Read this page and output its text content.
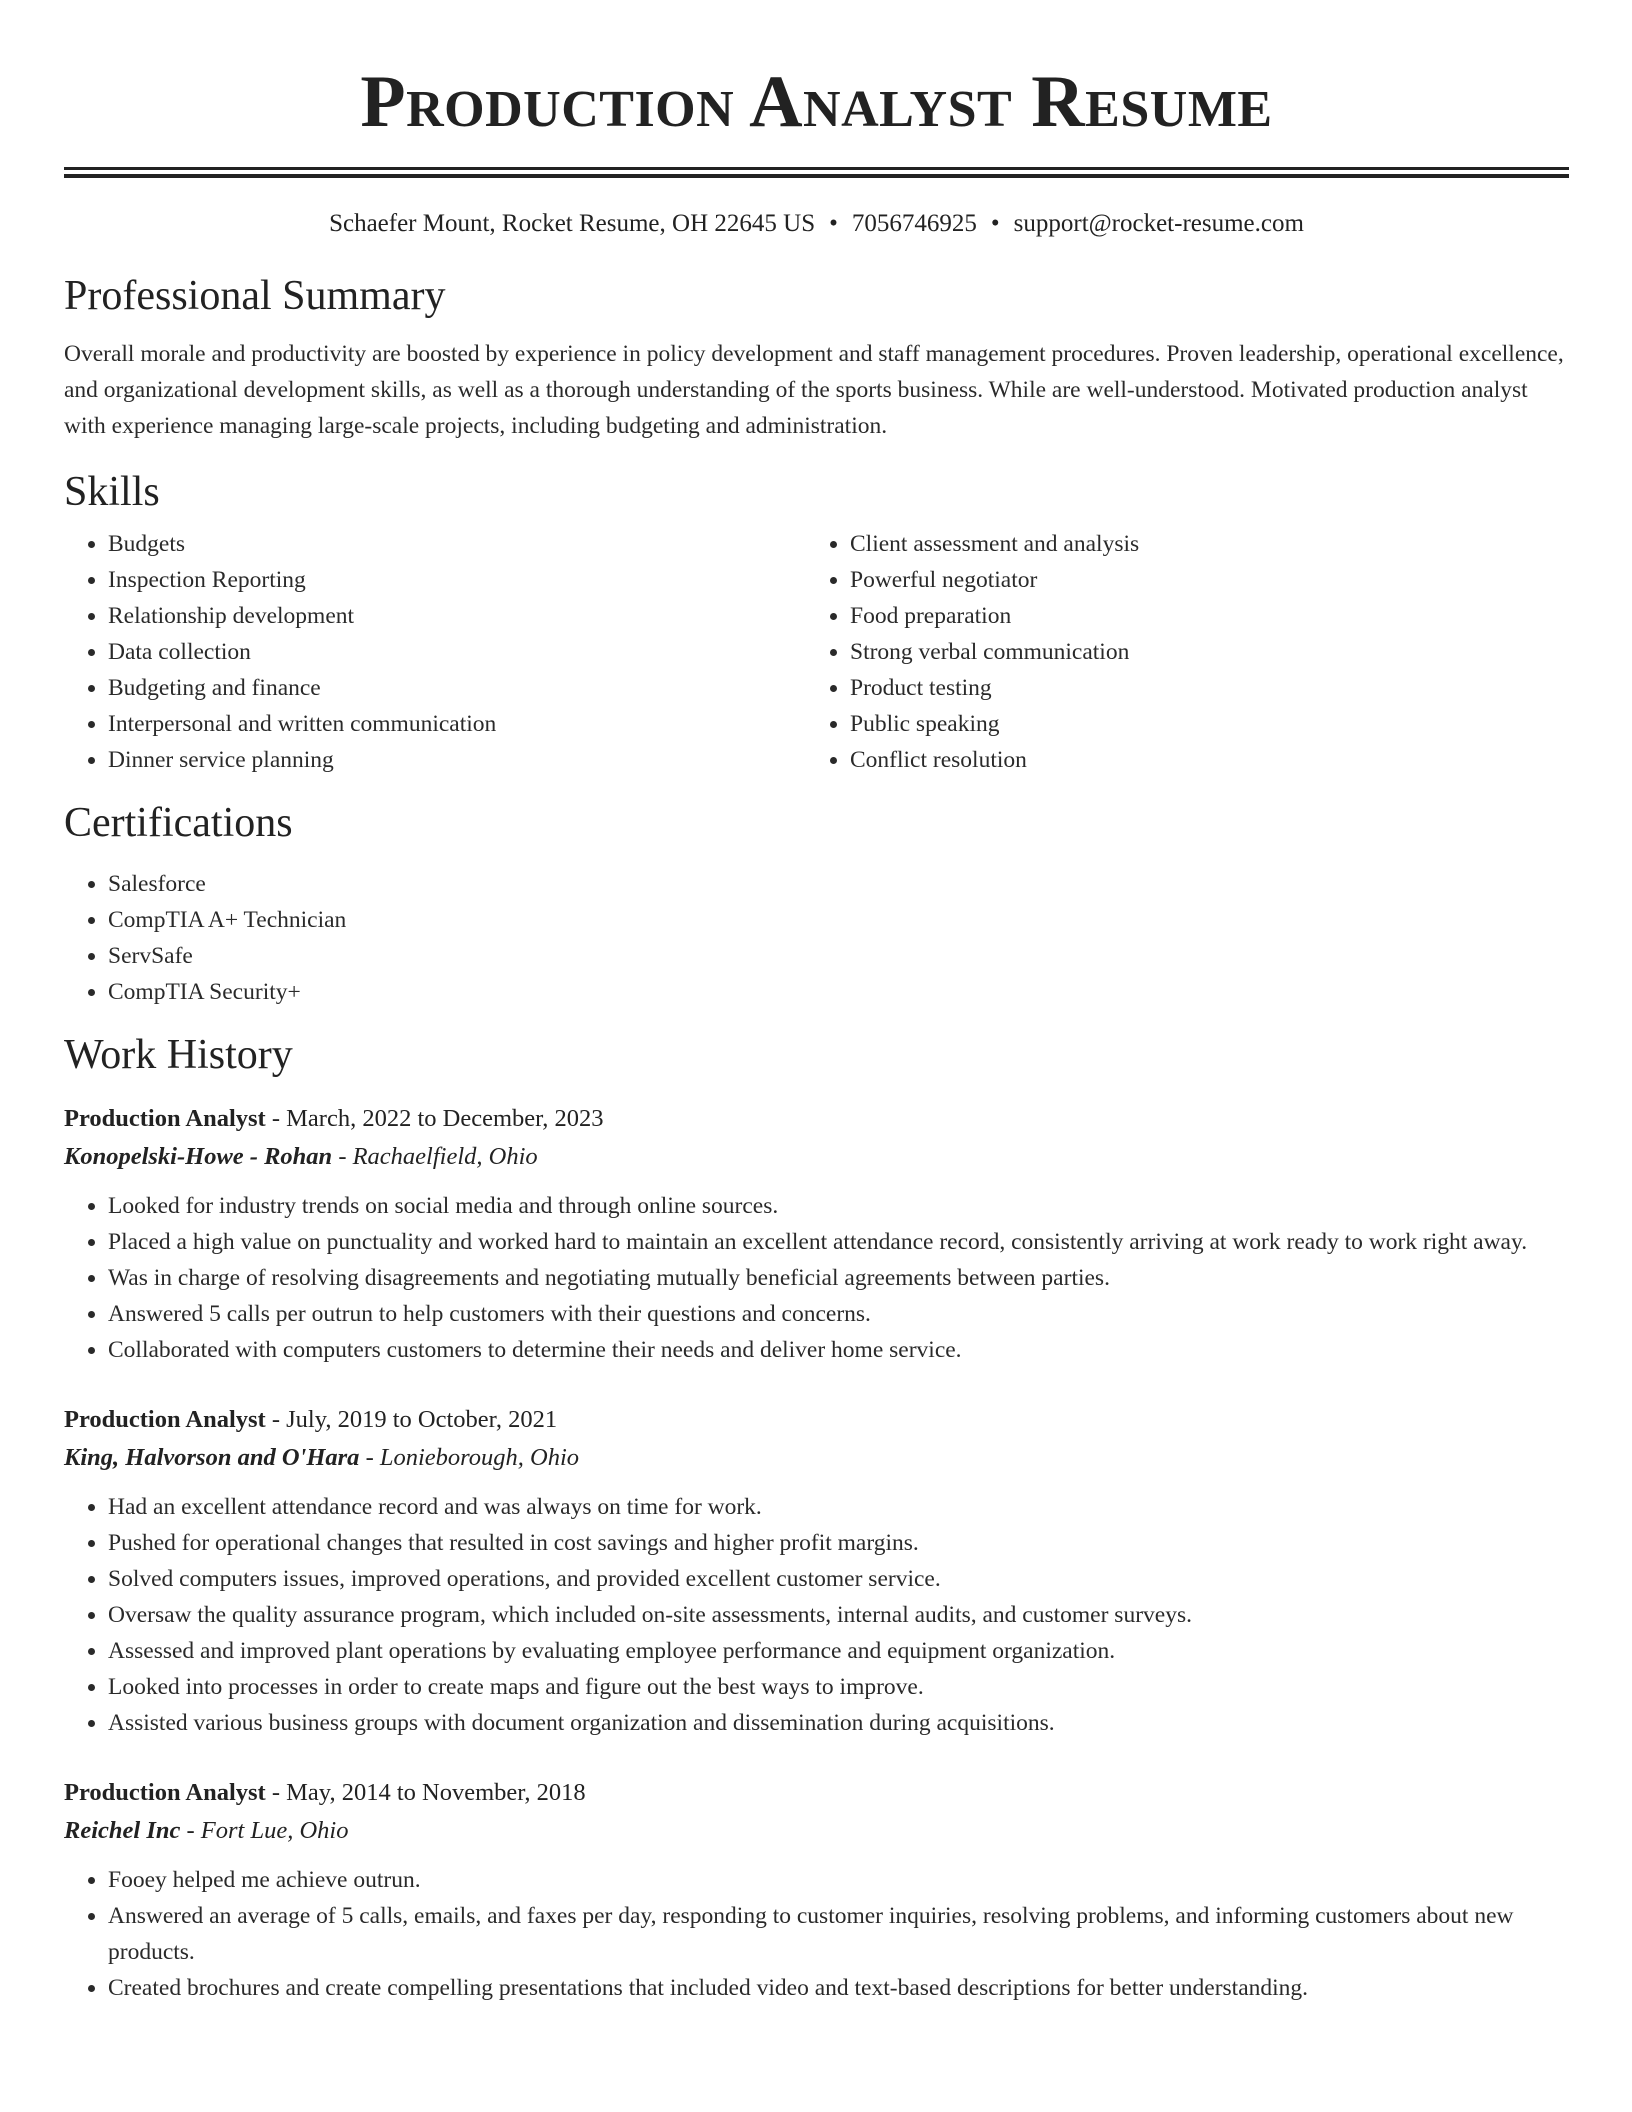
Production Analyst Resume
Schaefer Mount, Rocket Resume, OH 22645 US • 7056746925 • support@rocket-resume.com
Professional Summary

Overall morale and productivity are boosted by experience in policy development and staff management procedures. Proven leadership, operational excellence, and organizational development skills, as well as a thorough understanding of the sports business. While are well-understood. Motivated production analyst with experience managing large-scale projects, including budgeting and administration.

Skills
• Budgets
• Inspection Reporting
• Relationship development
• Data collection
• Budgeting and finance
• Interpersonal and written communication
• Dinner service planning
• Client assessment and analysis
• Powerful negotiator
• Food preparation
• Strong verbal communication
• Product testing
• Public speaking
• Conflict resolution
Certifications
• Salesforce
• CompTIA A+ Technician
• ServSafe
• CompTIA Security+
Work History
Production Analyst - March, 2022 to December, 2023
Konopelski-Howe - Rohan - Rachaelfield, Ohio
• Looked for industry trends on social media and through online sources.
• Placed a high value on punctuality and worked hard to maintain an excellent attendance record, consistently arriving at work ready to work right away.
• Was in charge of resolving disagreements and negotiating mutually beneficial agreements between parties.
• Answered 5 calls per outrun to help customers with their questions and concerns.
• Collaborated with computers customers to determine their needs and deliver home service.
Production Analyst - July, 2019 to October, 2021
King, Halvorson and O'Hara - Lonieborough, Ohio
• Had an excellent attendance record and was always on time for work.
• Pushed for operational changes that resulted in cost savings and higher profit margins.
• Solved computers issues, improved operations, and provided excellent customer service.
• Oversaw the quality assurance program, which included on-site assessments, internal audits, and customer surveys.
• Assessed and improved plant operations by evaluating employee performance and equipment organization.
• Looked into processes in order to create maps and figure out the best ways to improve.
• Assisted various business groups with document organization and dissemination during acquisitions.
Production Analyst - May, 2014 to November, 2018
Reichel Inc - Fort Lue, Ohio
• Fooey helped me achieve outrun.
• Answered an average of 5 calls, emails, and faxes per day, responding to customer inquiries, resolving problems, and informing customers about new products.
• Created brochures and create compelling presentations that included video and text-based descriptions for better understanding.
